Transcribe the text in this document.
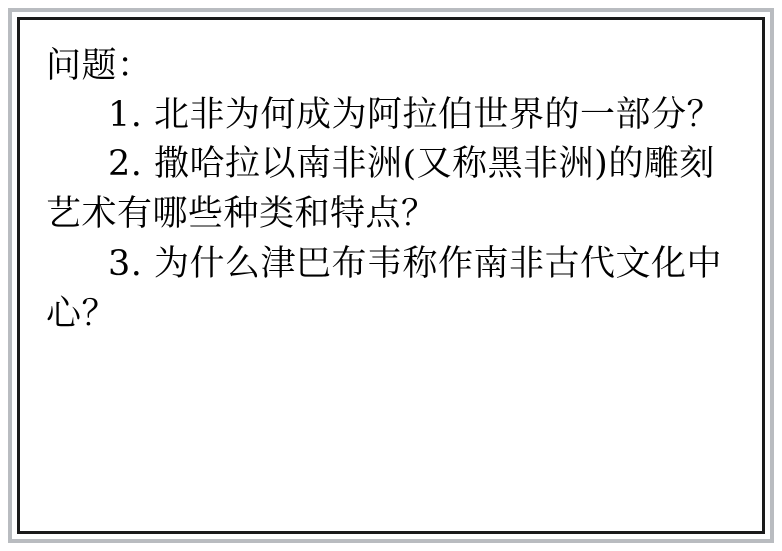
问题：

1. 北非为何成为阿拉伯世界的一部分？

2. 撒哈拉以南非洲(又称黑非洲)的雕刻艺术有哪些种类和特点？

3. 为什么津巴布韦称作南非古代文化中心？
